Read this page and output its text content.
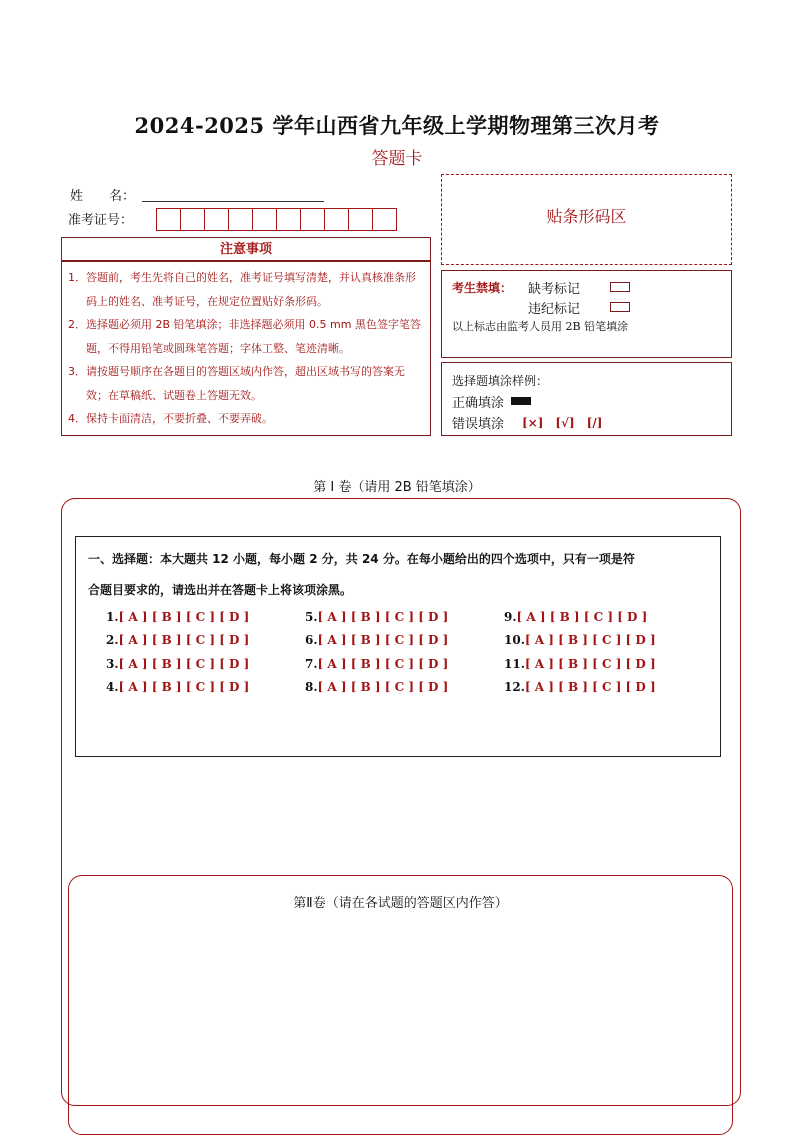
2024-2025 学年山西省九年级上学期物理第三次月考
答题卡
姓　　名：
准考证号：
注意事项
1．答题前，考生先将自己的姓名，准考证号填写清楚，并认真核准条形码上的姓名、准考证号，在规定位置贴好条形码。
2．选择题必须用 2B 铅笔填涂；非选择题必须用 0.5 mm 黑色签字笔答题，不得用铅笔或圆珠笔答题；字体工整、笔迹清晰。
3．请按题号顺序在各题目的答题区域内作答，超出区域书写的答案无效；在草稿纸、试题卷上答题无效。
4．保持卡面清洁，不要折叠、不要弄破。
贴条形码区
考生禁填： 缺考标记
违纪标记
以上标志由监考人员用 2B 铅笔填涂
选择题填涂样例：
正确填涂
错误填涂 [×]　[√]　[/]
第 I 卷（请用 2B 铅笔填涂）
一、选择题：本大题共 12 小题，每小题 2 分，共 24 分。在每小题给出的四个选项中，只有一项是符
合题目要求的，请选出并在答题卡上将该项涂黑。
1.[ A ] [ B ] [ C ] [ D ]
2.[ A ] [ B ] [ C ] [ D ]
3.[ A ] [ B ] [ C ] [ D ]
4.[ A ] [ B ] [ C ] [ D ]
5.[ A ] [ B ] [ C ] [ D ]
6.[ A ] [ B ] [ C ] [ D ]
7.[ A ] [ B ] [ C ] [ D ]
8.[ A ] [ B ] [ C ] [ D ]
9.[ A ] [ B ] [ C ] [ D ]
10.[ A ] [ B ] [ C ] [ D ]
11.[ A ] [ B ] [ C ] [ D ]
12.[ A ] [ B ] [ C ] [ D ]
第Ⅱ卷（请在各试题的答题区内作答）
